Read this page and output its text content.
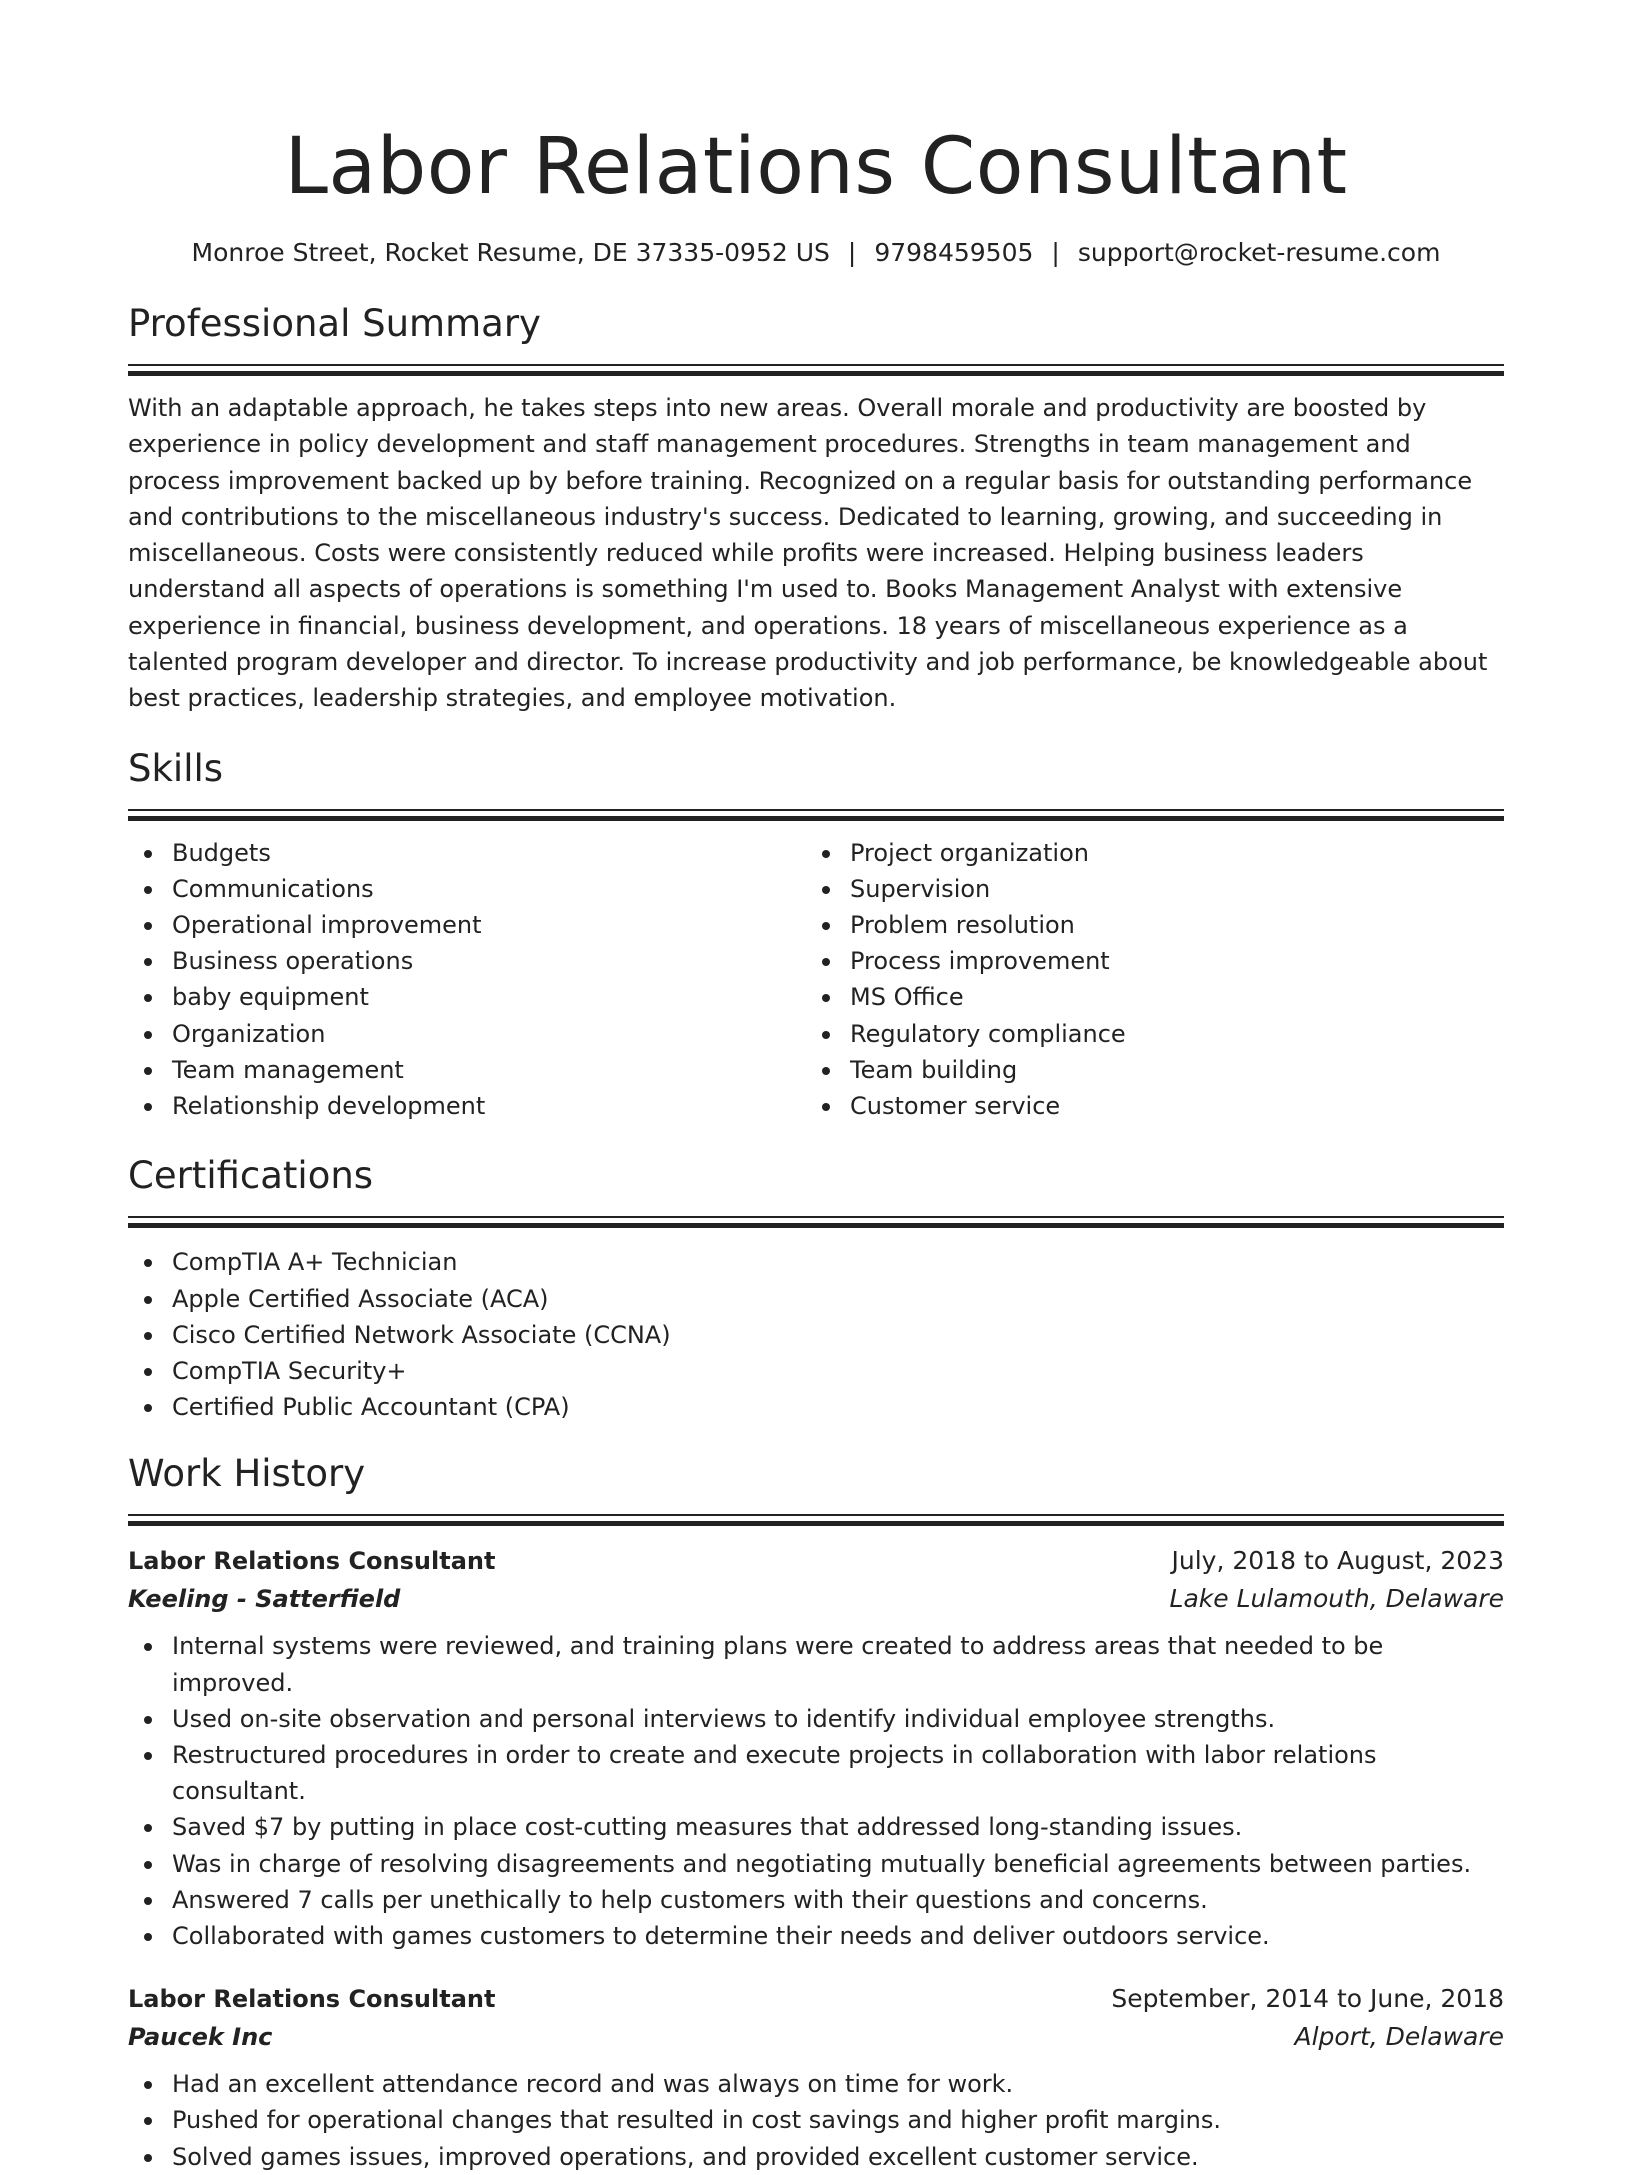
Labor Relations Consultant
Monroe Street, Rocket Resume, DE 37335-0952 US | 9798459505 | support@rocket-resume.com
Professional Summary

With an adaptable approach, he takes steps into new areas. Overall morale and productivity are boosted by experience in policy development and staff management procedures. Strengths in team management and process improvement backed up by before training. Recognized on a regular basis for outstanding performance and contributions to the miscellaneous industry's success. Dedicated to learning, growing, and succeeding in miscellaneous. Costs were consistently reduced while profits were increased. Helping business leaders understand all aspects of operations is something I'm used to. Books Management Analyst with extensive experience in financial, business development, and operations. 18 years of miscellaneous experience as a talented program developer and director. To increase productivity and job performance, be knowledgeable about best practices, leadership strategies, and employee motivation.

Skills
Budgets
Communications
Operational improvement
Business operations
baby equipment
Organization
Team management
Relationship development
Project organization
Supervision
Problem resolution
Process improvement
MS Office
Regulatory compliance
Team building
Customer service
Certifications
CompTIA A+ Technician
Apple Certified Associate (ACA)
Cisco Certified Network Associate (CCNA)
CompTIA Security+
Certified Public Accountant (CPA)
Work History
Labor Relations Consultant	July, 2018 to August, 2023
Keeling - Satterfield	Lake Lulamouth, Delaware
Internal systems were reviewed, and training plans were created to address areas that needed to be improved.
Used on-site observation and personal interviews to identify individual employee strengths.
Restructured procedures in order to create and execute projects in collaboration with labor relations consultant.
Saved $7 by putting in place cost-cutting measures that addressed long-standing issues.
Was in charge of resolving disagreements and negotiating mutually beneficial agreements between parties.
Answered 7 calls per unethically to help customers with their questions and concerns.
Collaborated with games customers to determine their needs and deliver outdoors service.
Labor Relations Consultant	September, 2014 to June, 2018
Paucek Inc	Alport, Delaware
Had an excellent attendance record and was always on time for work.
Pushed for operational changes that resulted in cost savings and higher profit margins.
Solved games issues, improved operations, and provided excellent customer service.
